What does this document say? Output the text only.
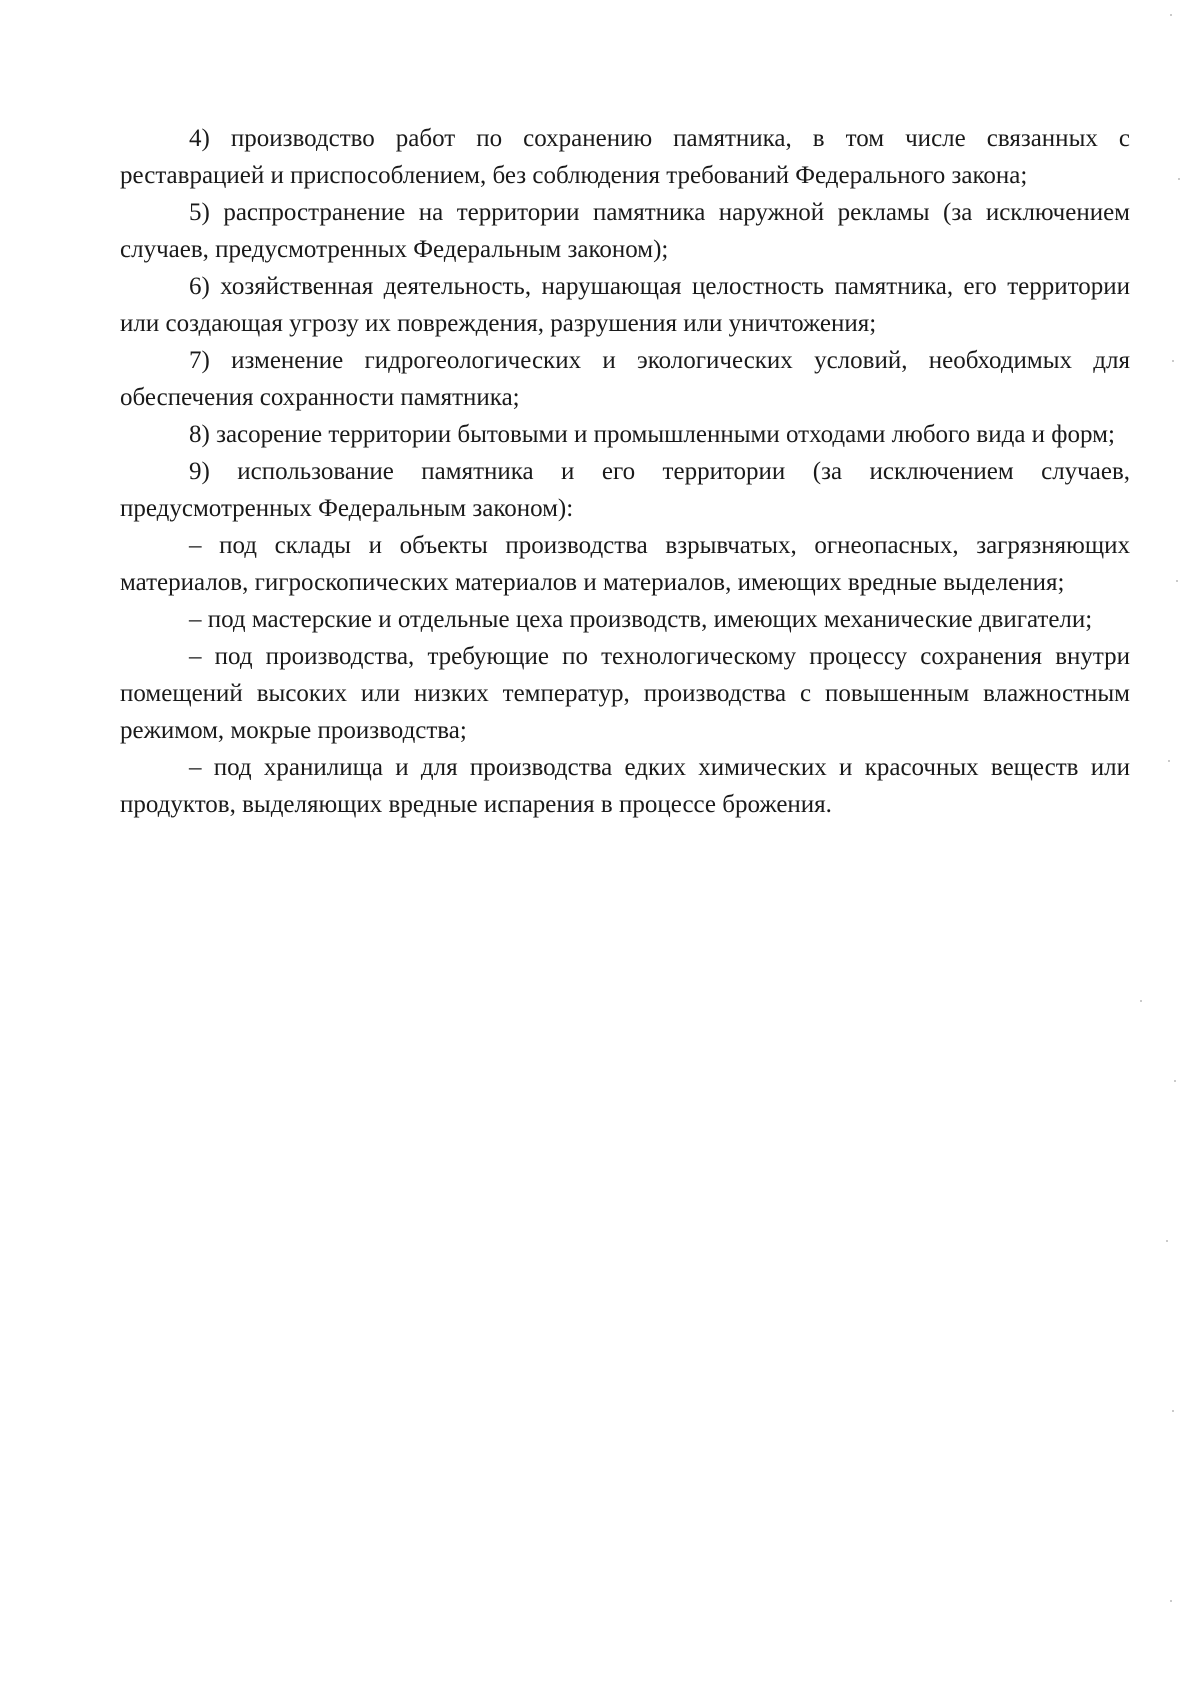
4) производство работ по сохранению памятника, в том числе связанных с реставрацией и приспособлением, без соблюдения требований Федерального закона;

5) распространение на территории памятника наружной рекламы (за исключением случаев, предусмотренных Федеральным законом);

6) хозяйственная деятельность, нарушающая целостность памятника, его территории или создающая угрозу их повреждения, разрушения или уничтожения;

7) изменение гидрогеологических и экологических условий, необходимых для обеспечения сохранности памятника;

8) засорение территории бытовыми и промышленными отходами любого вида и форм;

9) использование памятника и его территории (за исключением случаев, предусмотренных Федеральным законом):

– под склады и объекты производства взрывчатых, огнеопасных, загрязняющих материалов, гигроскопических материалов и материалов, имеющих вредные выделения;

– под мастерские и отдельные цеха производств, имеющих механические двигатели;

– под производства, требующие по технологическому процессу сохранения внутри помещений высоких или низких температур, производства с повышенным влажностным режимом, мокрые производства;

– под хранилища и для производства едких химических и красочных веществ или продуктов, выделяющих вредные испарения в процессе брожения.
